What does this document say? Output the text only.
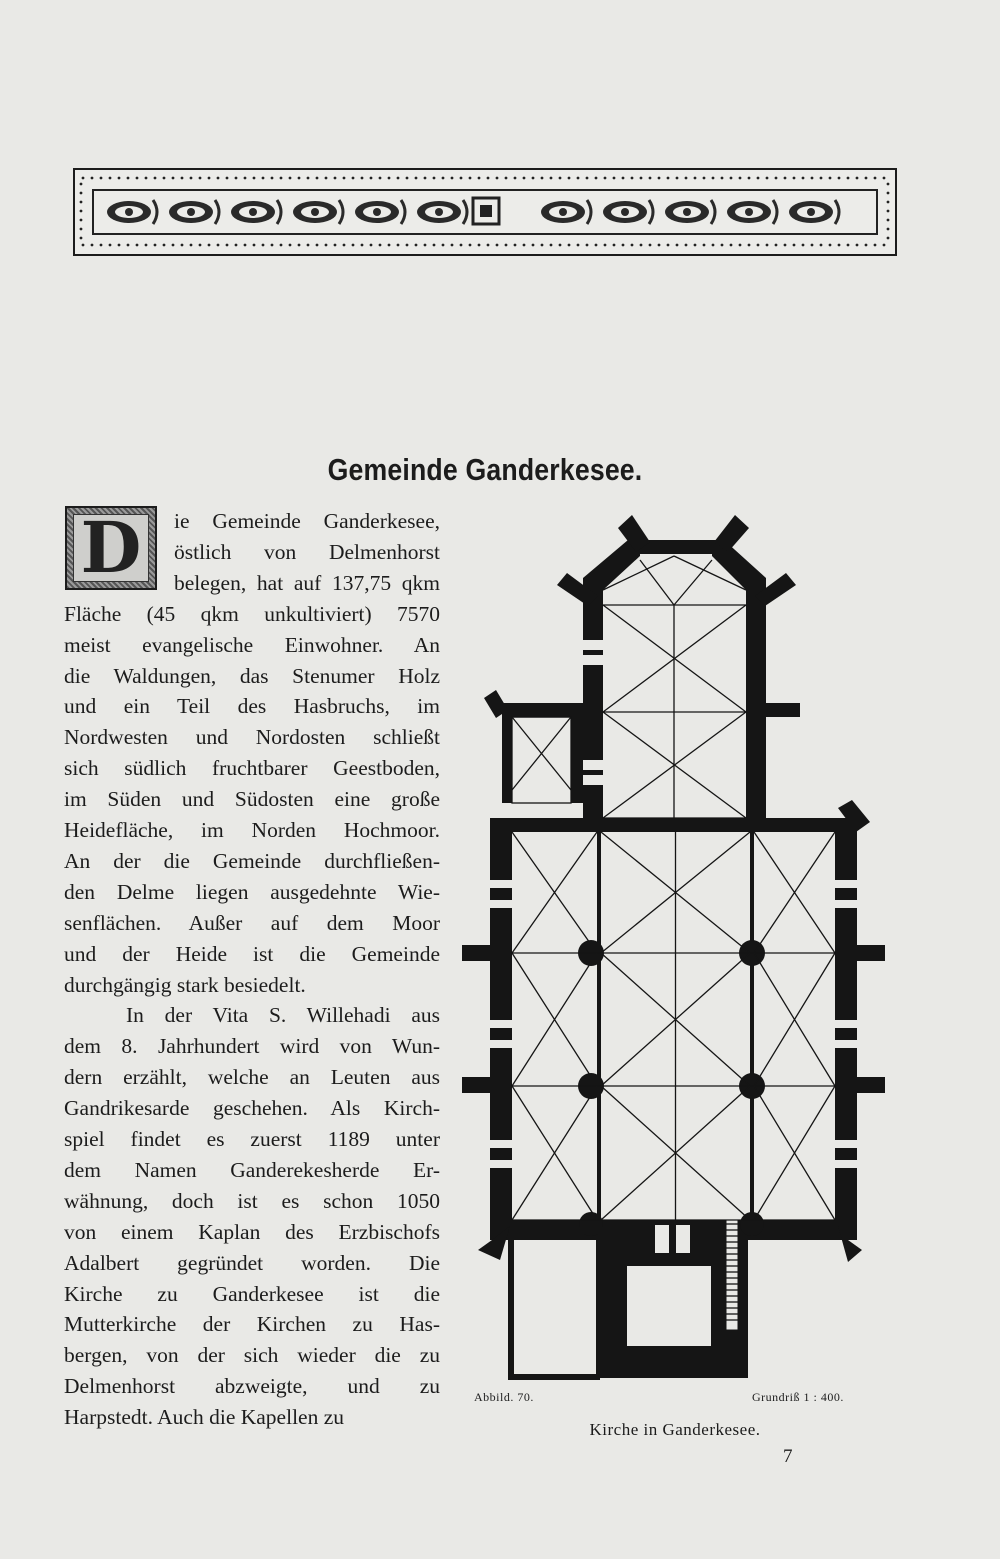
Gemeinde Ganderkesee.
D	ie Gemeinde Ganderkesee,
östlich von Delmenhorst
belegen, hat auf 137,75 qkm
Fläche (45 qkm unkultiviert) 7570
meist evangelische Einwohner. An
die Waldungen, das Stenumer Holz
und ein Teil des Hasbruchs, im
Nordwesten und Nordosten schließt
sich südlich fruchtbarer Geestboden,
im Süden und Südosten eine große
Heidefläche, im Norden Hochmoor.
An der die Gemeinde durchfließen-
den Delme liegen ausgedehnte Wie-
senflächen. Außer auf dem Moor
und der Heide ist die Gemeinde
durchgängig stark besiedelt.
In der Vita S. Willehadi aus
dem 8. Jahrhundert wird von Wun-
dern erzählt, welche an Leuten aus
Gandrikesarde geschehen. Als Kirch-
spiel findet es zuerst 1189 unter
dem Namen Ganderekesherde Er-
wähnung, doch ist es schon 1050
von einem Kaplan des Erzbischofs
Adalbert gegründet worden. Die
Kirche zu Ganderkesee ist die
Mutterkirche der Kirchen zu Has-
bergen, von der sich wieder die zu
Delmenhorst abzweigte, und zu
Harpstedt. Auch die Kapellen zu
Abbild. 70.	Grundriß 1 : 400.
Kirche in Ganderkesee.
7
